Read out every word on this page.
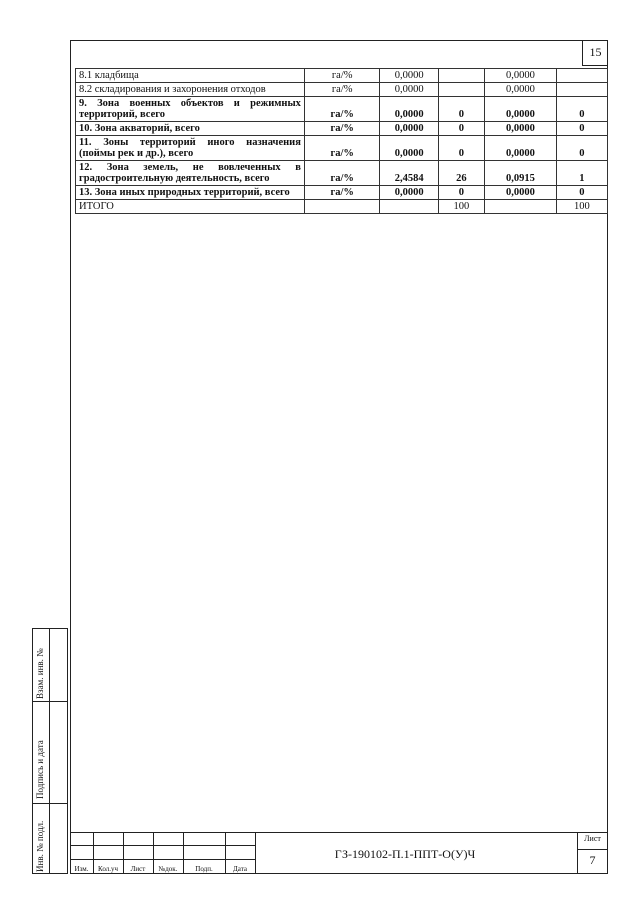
15
8.1 кладбища	га/%	0,0000		0,0000	
8.2 складирования и захоронения отходов	га/%	0,0000		0,0000	
9. Зона военных объектов и режимных территорий, всего	га/%	0,0000	0	0,0000	0
10. Зона акваторий, всего	га/%	0,0000	0	0,0000	0
11. Зоны территорий иного назначения (поймы рек и др.), всего	га/%	0,0000	0	0,0000	0
12. Зона земель, не вовлеченных в градостроительную деятельность, всего	га/%	2,4584	26	0,0915	1
13. Зона иных природных территорий, всего	га/%	0,0000	0	0,0000	0
ИТОГО			100		100
Взам. инв. №
Подпись и дата
Инв. № подл.	Изм.	Кол.уч	Лист	№док.	Подп.	Дата
ГЗ-190102-П.1-ППТ-О(У)Ч
Лист
7
